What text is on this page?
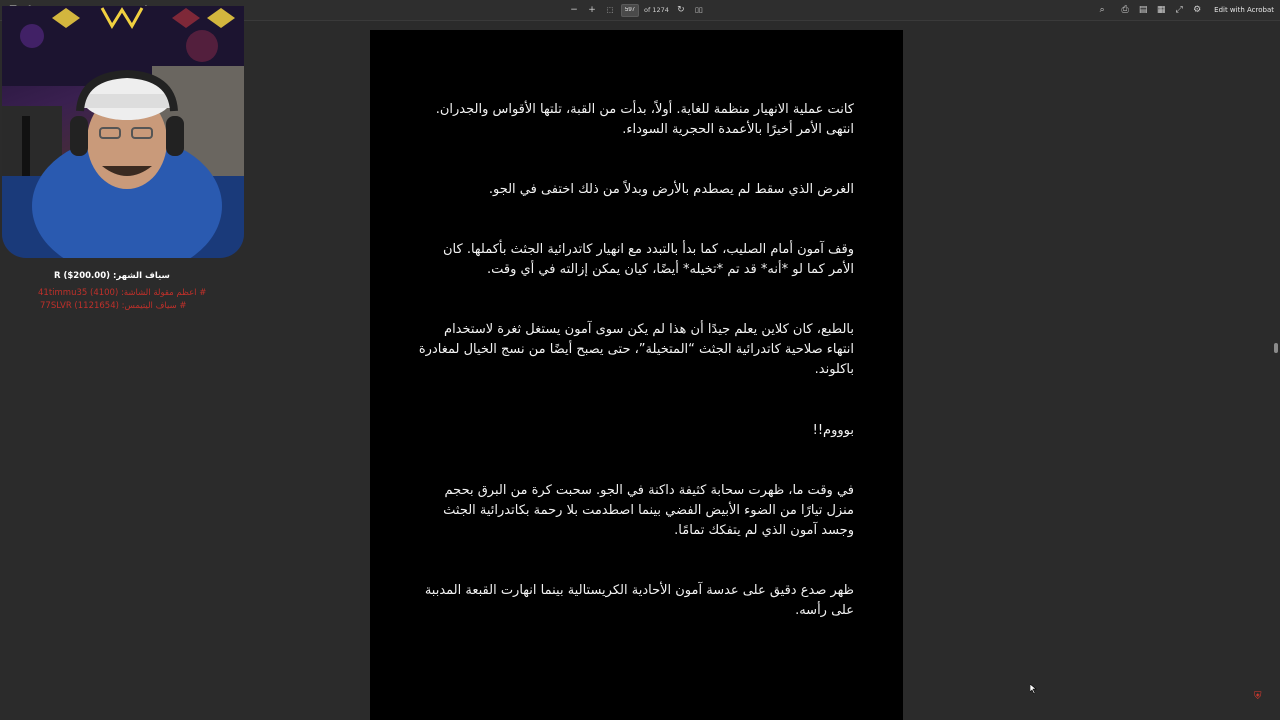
− +	⬚
597	of 1274 ↻	▯▯	⌕	⎙ ▤ ▦ ⤢ ⚙ Edit with Acrobat
كانت عملية الانهيار منظمة للغاية. أولاً، بدأت من القبة، تلتها الأقواس والجدران. انتهى الأمر أخيرًا بالأعمدة الحجرية السوداء.
الغرض الذي سقط لم يصطدم بالأرض وبدلاً من ذلك اختفى في الجو.
وقف آمون أمام الصليب، كما بدأ بالتبدد مع انهيار كاتدرائية الجثث بأكملها. كان الأمر كما لو *أنه* قد تم *تخيله* أيضًا، كيان يمكن إزالته في أي وقت.
بالطبع، كان كلاين يعلم جيدًا أن هذا لم يكن سوى آمون يستغل ثغرة لاستخدام انتهاء صلاحية كاتدرائية الجثث “المتخيلة”، حتى يصبح أيضًا من نسج الخيال لمغادرة باكلوند.
بوووم!!
في وقت ما، ظهرت سحابة كثيفة داكنة في الجو. سحبت كرة من البرق بحجم منزل تيارًا من الضوء الأبيض الفضي بينما اصطدمت بلا رحمة بكاتدرائية الجثث وجسد آمون الذي لم يتفكك تمامًا.
ظهر صدع دقيق على عدسة آمون الأحادية الكريستالية بينما انهارت القبعة المدببة على رأسه.
سياف الشهر: R ($200.00)
# اعظم مقولة الشاشة: (4100) 41timmu35
# سياف اليتيمس: (1121654) 77SLVR
⛨
